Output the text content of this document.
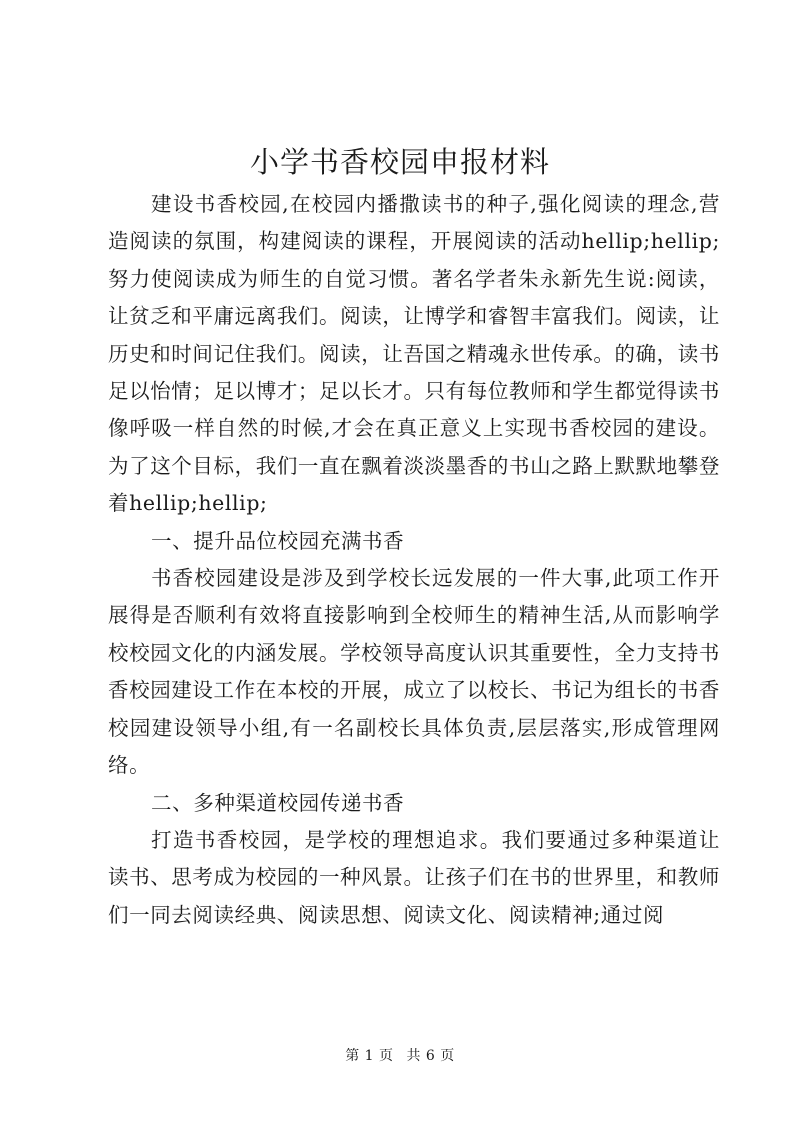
小学书香校园申报材料

建设书香校园,在校园内播撒读书的种子,强化阅读的理念,营造阅读的氛围，构建阅读的课程，开展阅读的活动hellip;hellip;努力使阅读成为师生的自觉习惯。著名学者朱永新先生说:阅读，让贫乏和平庸远离我们。阅读，让博学和睿智丰富我们。阅读，让历史和时间记住我们。阅读，让吾国之精魂永世传承。的确，读书足以怡情；足以博才；足以长才。只有每位教师和学生都觉得读书像呼吸一样自然的时候,才会在真正意义上实现书香校园的建设。为了这个目标，我们一直在飘着淡淡墨香的书山之路上默默地攀登着hellip;hellip;

一、提升品位校园充满书香

书香校园建设是涉及到学校长远发展的一件大事,此项工作开展得是否顺利有效将直接影响到全校师生的精神生活,从而影响学校校园文化的内涵发展。学校领导高度认识其重要性，全力支持书香校园建设工作在本校的开展，成立了以校长、书记为组长的书香校园建设领导小组,有一名副校长具体负责,层层落实,形成管理网络。

二、多种渠道校园传递书香

打造书香校园，是学校的理想追求。我们要通过多种渠道让读书、思考成为校园的一种风景。让孩子们在书的世界里，和教师们一同去阅读经典、阅读思想、阅读文化、阅读精神;通过阅

第 1 页 共 6 页
